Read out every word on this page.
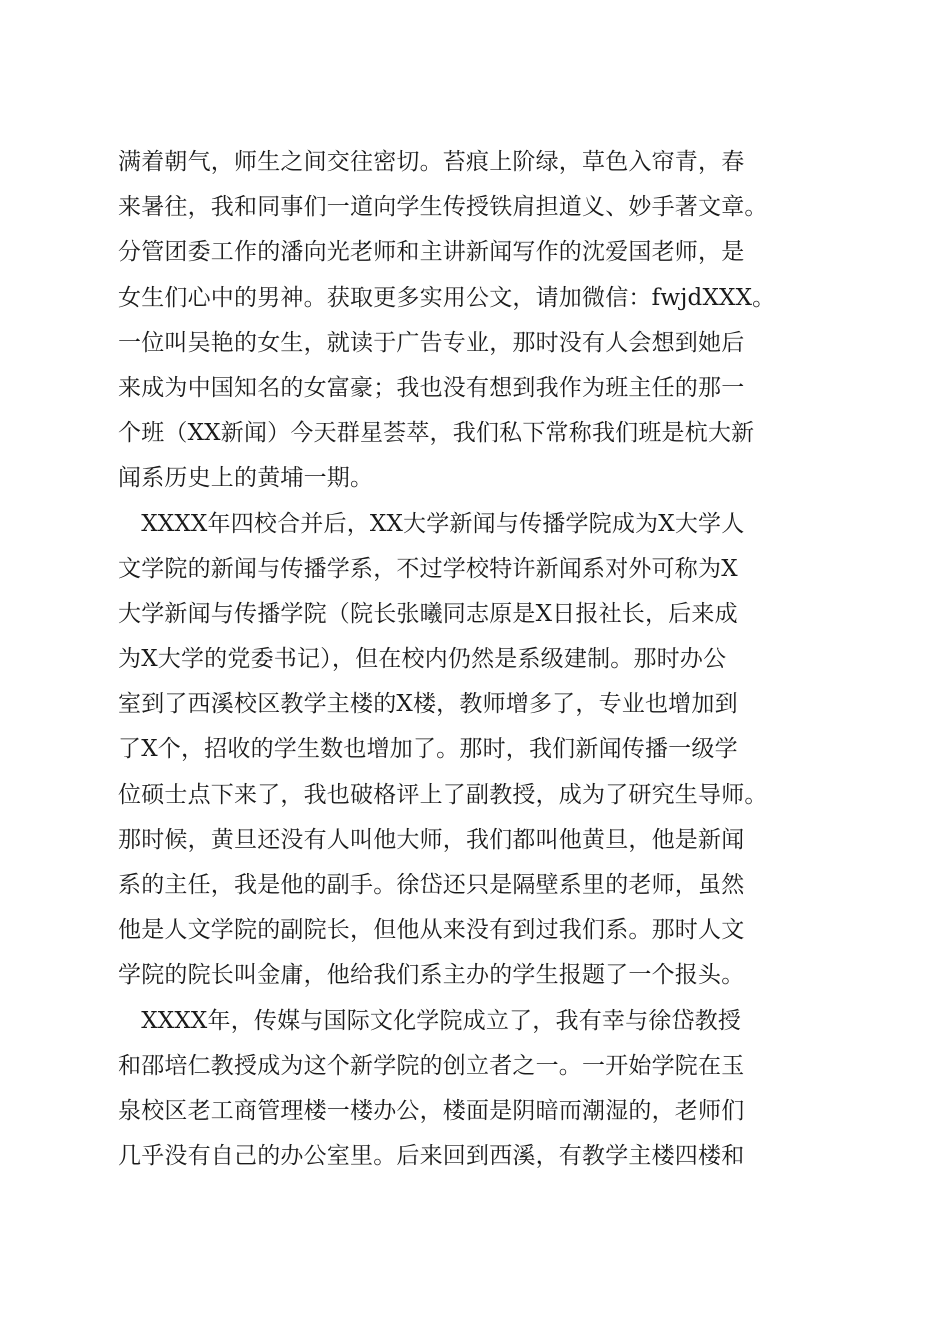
满着朝气，师生之间交往密切。苔痕上阶绿，草色入帘青，春
来暑往，我和同事们一道向学生传授铁肩担道义、妙手著文章。
分管团委工作的潘向光老师和主讲新闻写作的沈爱国老师，是
女生们心中的男神。获取更多实用公文，请加微信：fwjdXXX。
一位叫吴艳的女生，就读于广告专业，那时没有人会想到她后
来成为中国知名的女富豪；我也没有想到我作为班主任的那一
个班（XX新闻）今天群星荟萃，我们私下常称我们班是杭大新
闻系历史上的黄埔一期。
　XXXX年四校合并后，XX大学新闻与传播学院成为X大学人
文学院的新闻与传播学系，不过学校特许新闻系对外可称为X
大学新闻与传播学院（院长张曦同志原是X日报社长，后来成
为X大学的党委书记），但在校内仍然是系级建制。那时办公
室到了西溪校区教学主楼的X楼，教师增多了，专业也增加到
了X个，招收的学生数也增加了。那时，我们新闻传播一级学
位硕士点下来了，我也破格评上了副教授，成为了研究生导师。
那时候，黄旦还没有人叫他大师，我们都叫他黄旦，他是新闻
系的主任，我是他的副手。徐岱还只是隔壁系里的老师，虽然
他是人文学院的副院长，但他从来没有到过我们系。那时人文
学院的院长叫金庸，他给我们系主办的学生报题了一个报头。
　XXXX年，传媒与国际文化学院成立了，我有幸与徐岱教授
和邵培仁教授成为这个新学院的创立者之一。一开始学院在玉
泉校区老工商管理楼一楼办公，楼面是阴暗而潮湿的，老师们
几乎没有自己的办公室里。后来回到西溪，有教学主楼四楼和
